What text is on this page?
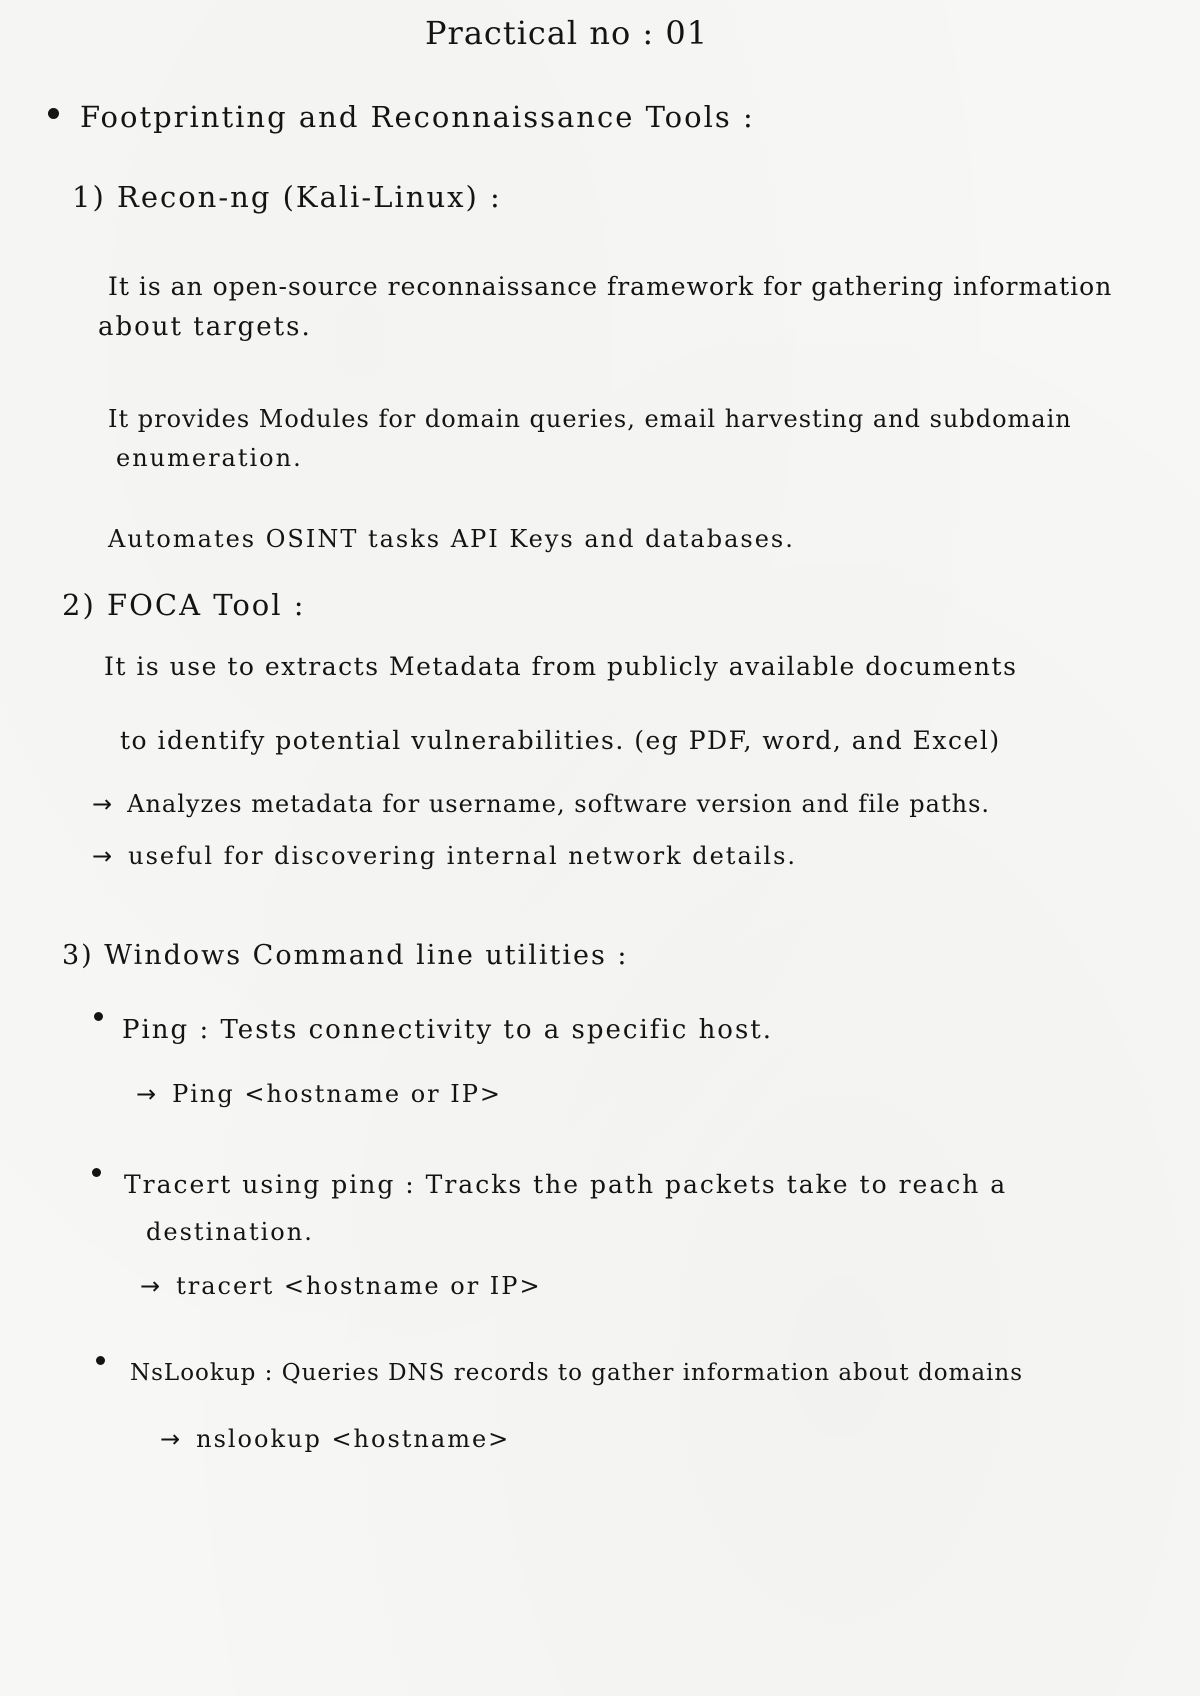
Practical no : 01
Footprinting and Reconnaissance Tools :
1) Recon-ng (Kali-Linux) :
It is an open-source reconnaissance framework for gathering information
about targets.
It provides Modules for domain queries, email harvesting and subdomain
enumeration.
Automates OSINT tasks API Keys and databases.
2) FOCA Tool :
It is use to extracts Metadata from publicly available documents
to identify potential vulnerabilities. (eg PDF, word, and Excel)
→ Analyzes metadata for username, software version and file paths.
→ useful for discovering internal network details.
3) Windows Command line utilities :
Ping : Tests connectivity to a specific host.
→ Ping <hostname or IP>
Tracert using ping : Tracks the path packets take to reach a
destination.
→ tracert <hostname or IP>
NsLookup : Queries DNS records to gather information about domains
→ nslookup <hostname>
